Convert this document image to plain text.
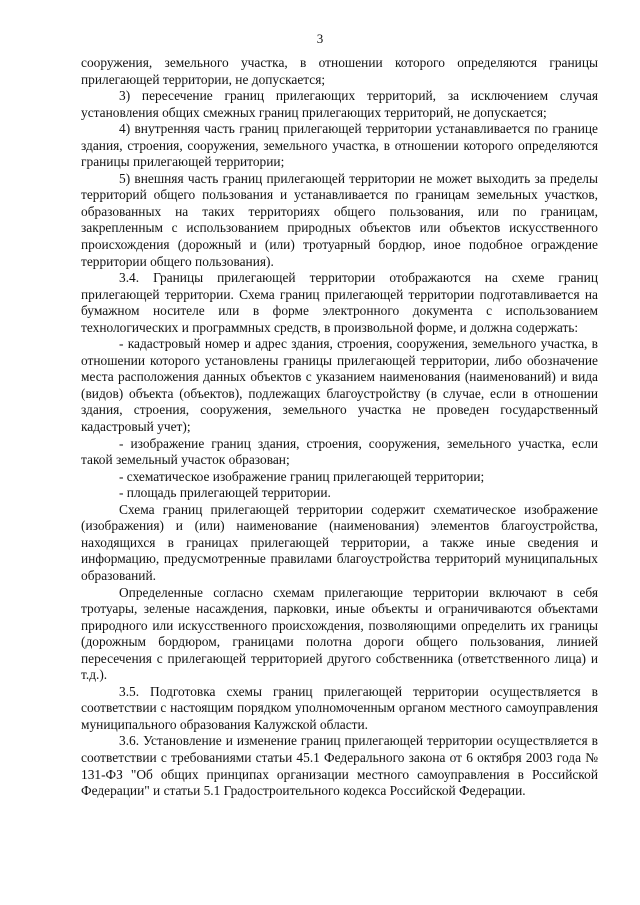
3

сооружения, земельного участка, в отношении которого определяются границы прилегающей территории, не допускается;

3) пересечение границ прилегающих территорий, за исключением случая установления общих смежных границ прилегающих территорий, не допускается;

4) внутренняя часть границ прилегающей территории устанавливается по границе здания, строения, сооружения, земельного участка, в отношении которого определяются границы прилегающей территории;

5) внешняя часть границ прилегающей территории не может выходить за пределы территорий общего пользования и устанавливается по границам земельных участков, образованных на таких территориях общего пользования, или по границам, закрепленным с использованием природных объектов или объектов искусственного происхождения (дорожный и (или) тротуарный бордюр, иное подобное ограждение территории общего пользования).

3.4. Границы прилегающей территории отображаются на схеме границ прилегающей территории. Схема границ прилегающей территории подготавливается на бумажном носителе или в форме электронного документа с использованием технологических и программных средств, в произвольной форме, и должна содержать:

- кадастровый номер и адрес здания, строения, сооружения, земельного участка, в отношении которого установлены границы прилегающей территории, либо обозначение места расположения данных объектов с указанием наименования (наименований) и вида (видов) объекта (объектов), подлежащих благоустройству (в случае, если в отношении здания, строения, сооружения, земельного участка не проведен государственный кадастровый учет);

- изображение границ здания, строения, сооружения, земельного участка, если такой земельный участок образован;

- схематическое изображение границ прилегающей территории;

- площадь прилегающей территории.

Схема границ прилегающей территории содержит схематическое изображение (изображения) и (или) наименование (наименования) элементов благоустройства, находящихся в границах прилегающей территории, а также иные сведения и информацию, предусмотренные правилами благоустройства территорий муниципальных образований.

Определенные согласно схемам прилегающие территории включают в себя тротуары, зеленые насаждения, парковки, иные объекты и ограничиваются объектами природного или искусственного происхождения, позволяющими определить их границы (дорожным бордюром, границами полотна дороги общего пользования, линией пересечения с прилегающей территорией другого собственника (ответственного лица) и т.д.).

3.5. Подготовка схемы границ прилегающей территории осуществляется в соответствии с настоящим порядком уполномоченным органом местного самоуправления муниципального образования Калужской области.

3.6. Установление и изменение границ прилегающей территории осуществляется в соответствии с требованиями статьи 45.1 Федерального закона от 6 октября 2003 года № 131-ФЗ "Об общих принципах организации местного самоуправления в Российской Федерации" и статьи 5.1 Градостроительного кодекса Российской Федерации.
